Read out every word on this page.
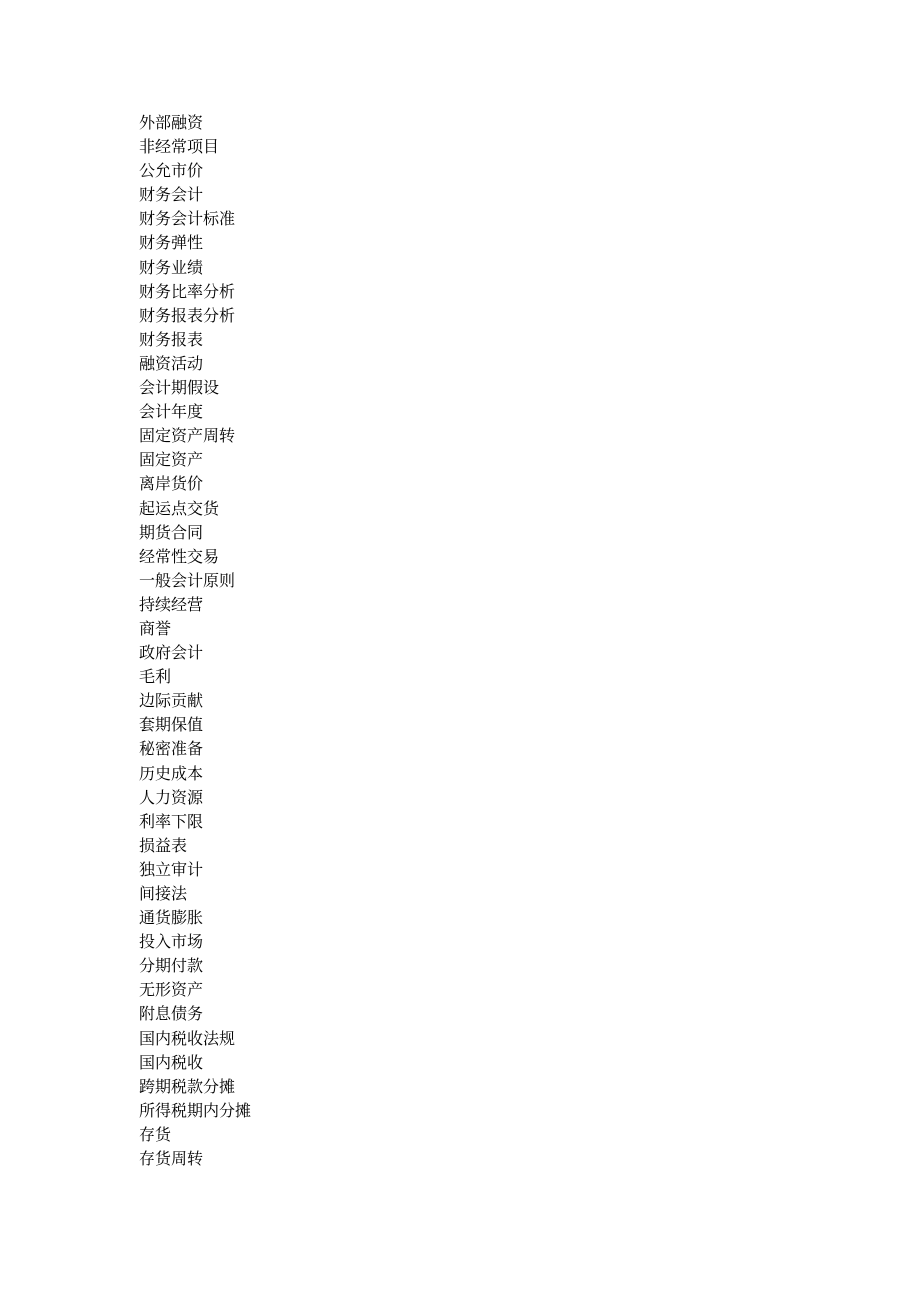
外部融资
非经常项目
公允市价
财务会计
财务会计标准
财务弹性
财务业绩
财务比率分析
财务报表分析
财务报表
融资活动
会计期假设
会计年度
固定资产周转
固定资产
离岸货价
起运点交货
期货合同
经常性交易
一般会计原则
持续经营
商誉
政府会计
毛利
边际贡献
套期保值
秘密准备
历史成本
人力资源
利率下限
损益表
独立审计
间接法
通货膨胀
投入市场
分期付款
无形资产
附息债务
国内税收法规
国内税收
跨期税款分摊
所得税期内分摊
存货
存货周转
